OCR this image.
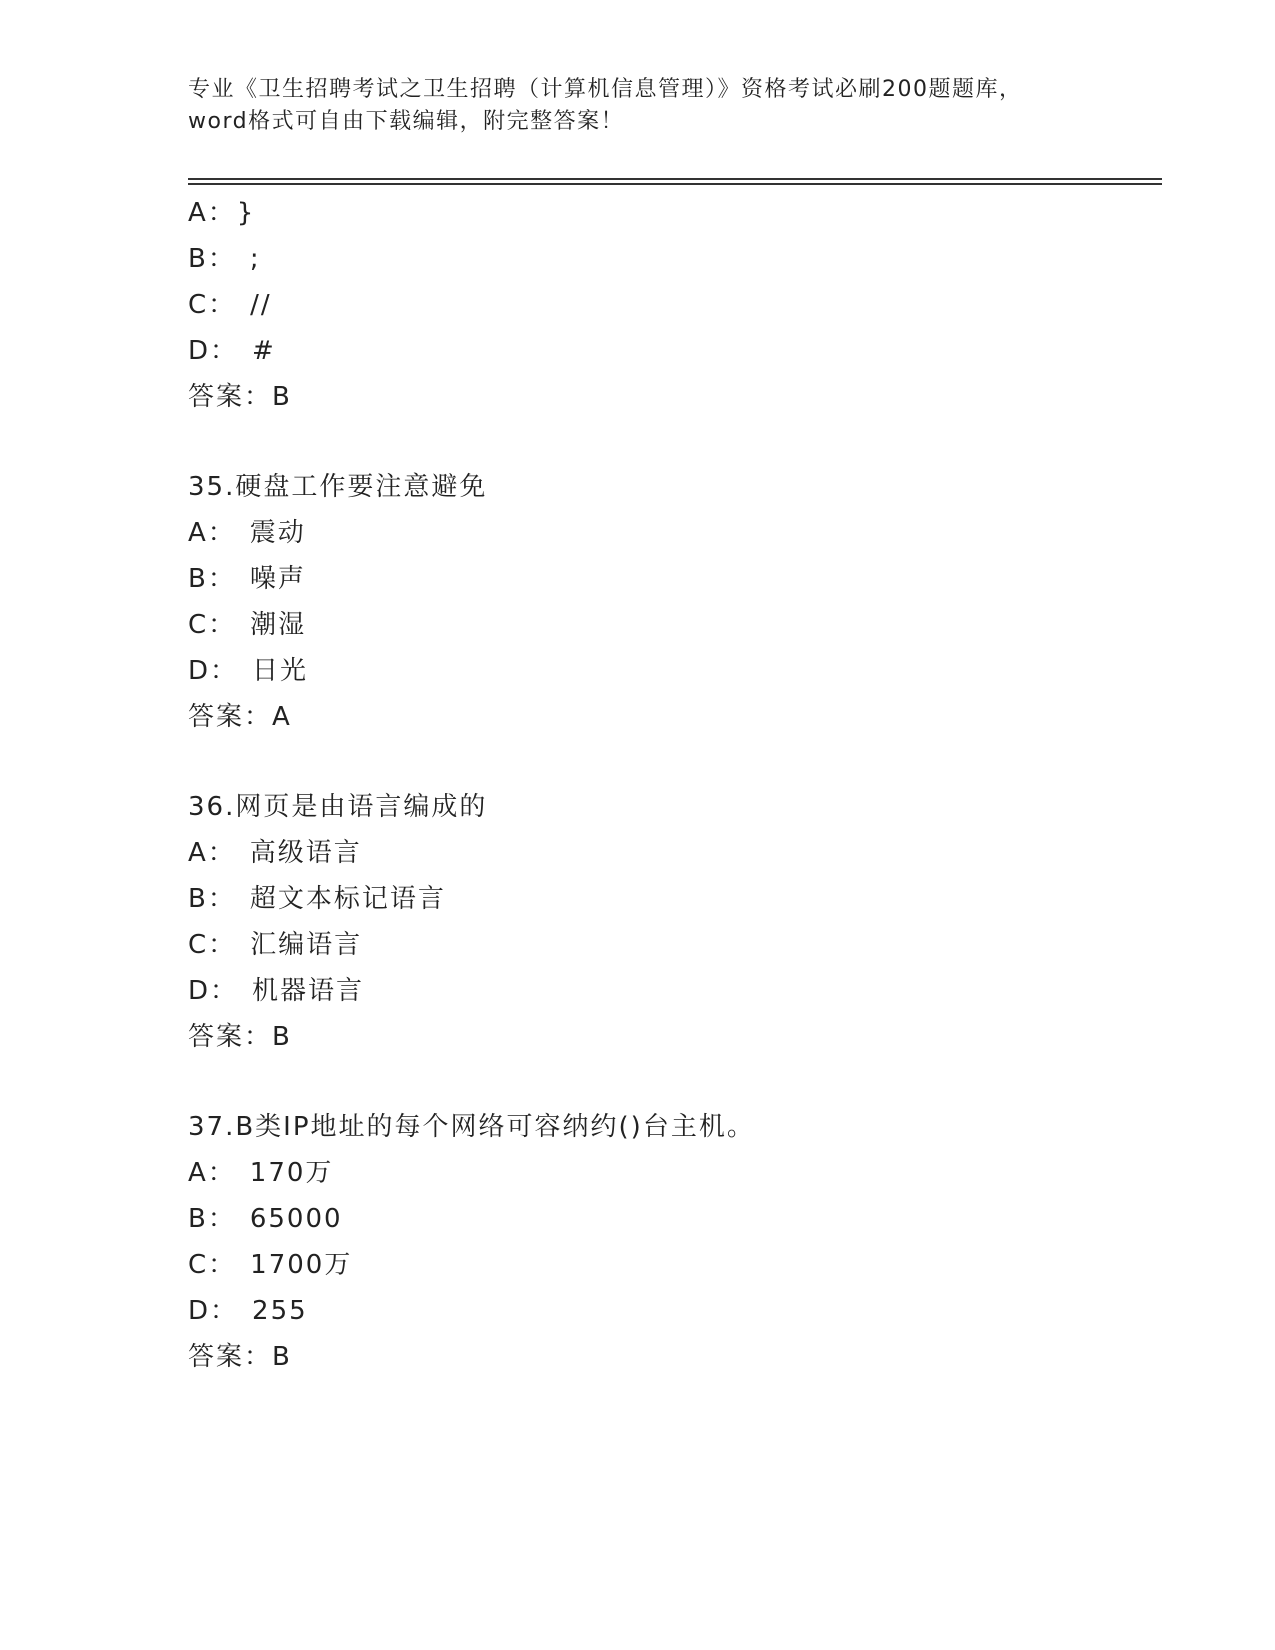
专业《卫生招聘考试之卫生招聘（计算机信息管理）》资格考试必刷200题题库，
word格式可自由下载编辑，附完整答案！
A： }
B： ;
C： //
D： #
答案：B
35.硬盘工作要注意避免
A： 震动
B： 噪声
C： 潮湿
D： 日光
答案：A
36.网页是由语言编成的
A： 高级语言
B： 超文本标记语言
C： 汇编语言
D： 机器语言
答案：B
37.B类IP地址的每个网络可容纳约()台主机。
A： 170万
B： 65000
C： 1700万
D： 255
答案：B
